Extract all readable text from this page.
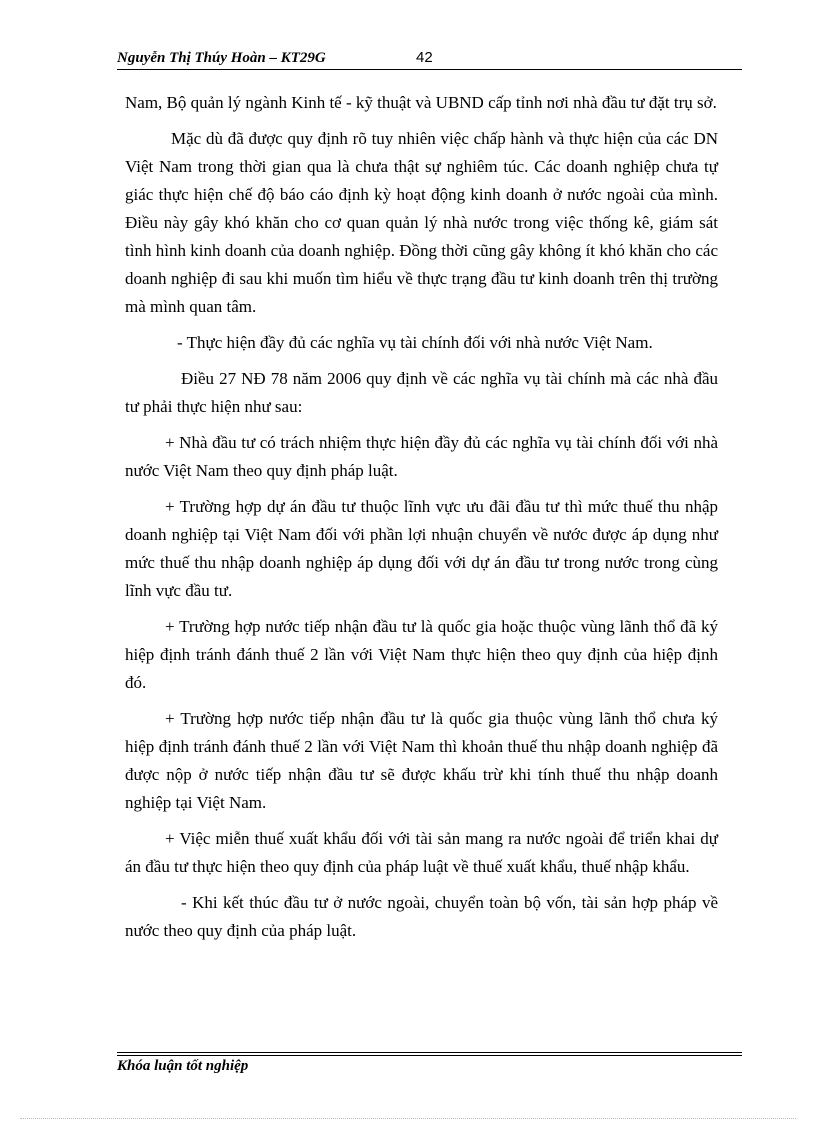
Nguyễn Thị Thúy Hoàn – KT29G	42

Nam, Bộ quản lý ngành Kinh tế - kỹ thuật và UBND cấp tỉnh nơi nhà đầu tư đặt trụ sở.

Mặc dù đã được quy định rõ tuy nhiên việc chấp hành và thực hiện của các DN Việt Nam trong thời gian qua là chưa thật sự nghiêm túc. Các doanh nghiệp chưa tự giác thực hiện chế độ báo cáo định kỳ hoạt động kinh doanh ở nước ngoài của mình. Điều này gây khó khăn cho cơ quan quản lý nhà nước trong việc thống kê, giám sát tình hình kinh doanh của doanh nghiệp. Đồng thời cũng gây không ít khó khăn cho các doanh nghiệp đi sau khi muốn tìm hiểu về thực trạng đầu tư kinh doanh trên thị trường mà mình quan tâm.

- Thực hiện đầy đủ các nghĩa vụ tài chính đối với nhà nước Việt Nam.

Điều 27 NĐ 78 năm 2006 quy định về các nghĩa vụ tài chính mà các nhà đầu tư phải thực hiện như sau:

+ Nhà đầu tư có trách nhiệm thực hiện đầy đủ các nghĩa vụ tài chính đối với nhà nước Việt Nam theo quy định pháp luật.

+ Trường hợp dự án đầu tư thuộc lĩnh vực ưu đãi đầu tư thì mức thuế thu nhập doanh nghiệp tại Việt Nam đối với phần lợi nhuận chuyển về nước được áp dụng như mức thuế thu nhập doanh nghiệp áp dụng đối với dự án đầu tư trong nước trong cùng lĩnh vực đầu tư.

+ Trường hợp nước tiếp nhận đầu tư là quốc gia hoặc thuộc vùng lãnh thổ đã ký hiệp định tránh đánh thuế 2 lần với Việt Nam thực hiện theo quy định của hiệp định đó.

+ Trường hợp nước tiếp nhận đầu tư là quốc gia thuộc vùng lãnh thổ chưa ký hiệp định tránh đánh thuế 2 lần với Việt Nam thì khoản thuế thu nhập doanh nghiệp đã được nộp ở nước tiếp nhận đầu tư sẽ được khấu trừ khi tính thuế thu nhập doanh nghiệp tại Việt Nam.

+ Việc miễn thuế xuất khẩu đối với tài sản mang ra nước ngoài để triển khai dự án đầu tư thực hiện theo quy định của pháp luật về thuế xuất khẩu, thuế nhập khẩu.

- Khi kết thúc đầu tư ở nước ngoài, chuyển toàn bộ vốn, tài sản hợp pháp về nước theo quy định của pháp luật.

Khóa luận tốt nghiệp
